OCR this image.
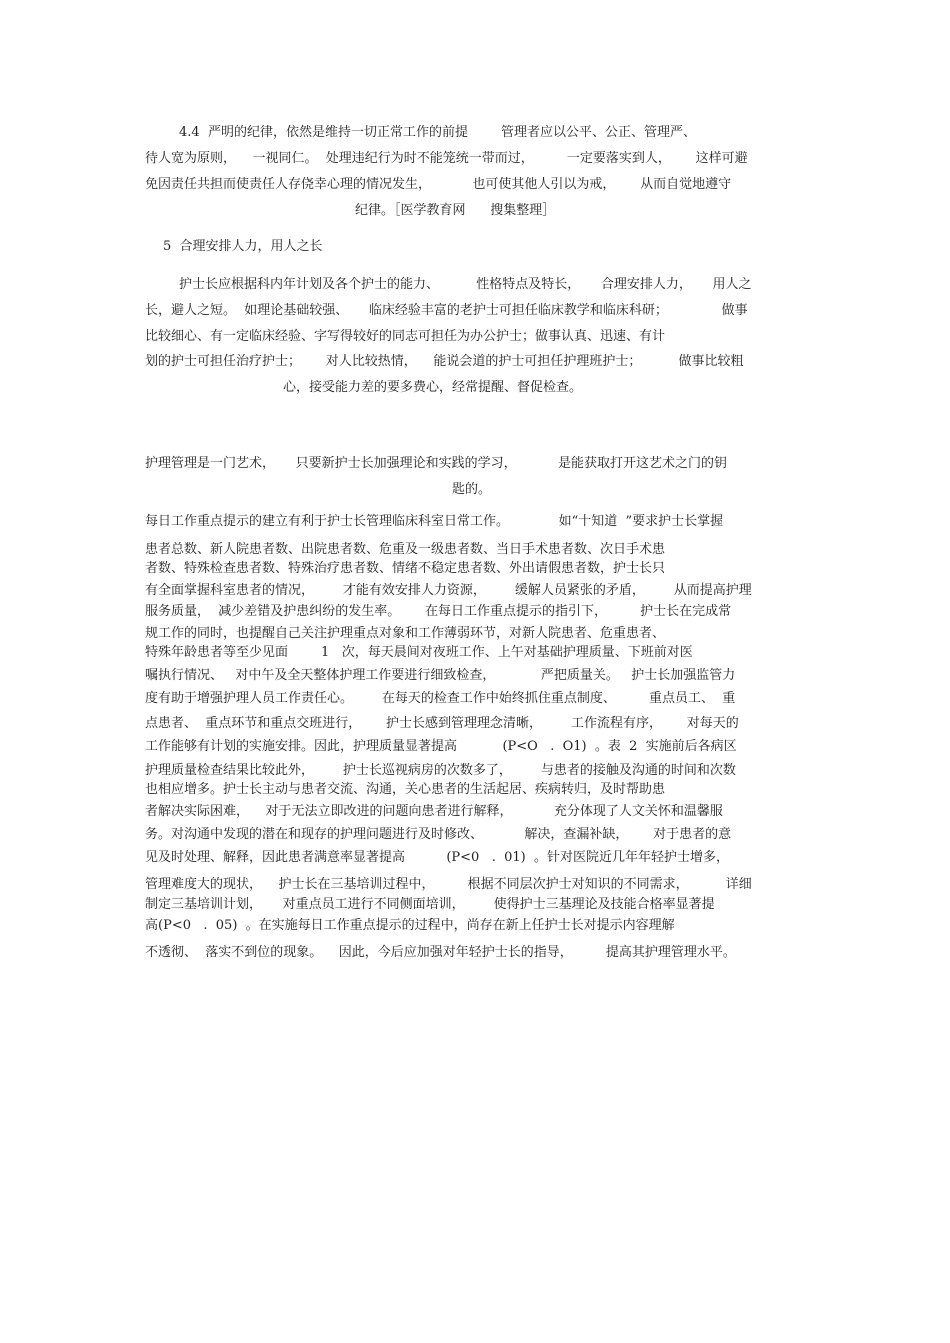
4.4  严明的纪律，依然是维持一切正常工作的前提        管理者应以公平、公正、管理严、
待人宽为原则，    一视同仁。  处理违纪行为时不能笼统一带而过，        一定要落实到人，      这样可避
免因责任共担而使责任人存侥幸心理的情况发生，          也可使其他人引以为戒，      从而自觉地遵守
纪律。［医学教育网      搜集整理］
5  合理安排人力，用人之长
护士长应根据科内年计划及各个护士的能力、         性格特点及特长，     合理安排人力，     用人之
长，避人之短。  如理论基础较强、     临床经验丰富的老护士可担任临床教学和临床科研；             做事
比较细心、有一定临床经验、字写得较好的同志可担任为办公护士；做事认真、迅速、有计
划的护士可担任治疗护士；      对人比较热情，    能说会道的护士可担任护理班护士；         做事比较粗
心，接受能力差的要多费心，经常提醒、督促检查。
护理管理是一门艺术，     只要新护士长加强理论和实践的学习，          是能获取打开这艺术之门的钥
匙的。
每日工作重点提示的建立有利于护士长管理临床科室日常工作。            如“十知道  ”要求护士长掌握
患者总数、新人院患者数、出院患者数、危重及一级患者数、当日手术患者数、次日手术患
者数、特殊检查患者数、特殊治疗患者数、情绪不稳定患者数、外出请假患者数，护士长只
有全面掌握科室患者的情况，       才能有效安排人力资源，       缓解人员紧张的矛盾，       从而提高护理
服务质量，  减少差错及护患纠纷的发生率。      在每日工作重点提示的指引下，        护士长在完成常
规工作的同时，也提醒自己关注护理重点对象和工作薄弱环节，对新人院患者、危重患者、
特殊年龄患者等至少见面        1   次，每天晨间对夜班工作、上午对基础护理质量、下班前对医
嘱执行情况、   对中午及全天整体护理工作要进行细致检查，           严把质量关。   护士长加强监管力
度有助于增强护理人员工作责任心。       在每天的检查工作中始终抓住重点制度、        重点员工、  重
点患者、  重点环节和重点交班进行，      护士长感到管理理念清晰，       工作流程有序，      对每天的
工作能够有计划的实施安排。因此，护理质量显著提高           (P<O   .  O1)  。表  2  实施前后各病区
护理质量检查结果比较此外，       护士长巡视病房的次数多了，       与患者的接触及沟通的时间和次数
也相应增多。护士长主动与患者交流、沟通，关心患者的生活起居、疾病转归，及时帮助患
者解决实际困难，    对于无法立即改进的问题向患者进行解释，          充分体现了人文关怀和温馨服
务。对沟通中发现的潜在和现存的护理问题进行及时修改、          解决，查漏补缺，      对于患者的意
见及时处理、解释，因此患者满意率显著提高          (P<0   .  01)  。针对医院近几年年轻护士增多，
管理难度大的现状，    护士长在三基培训过程中，        根据不同层次护士对知识的不同需求，         详细
制定三基培训计划，     对重点员工进行不同侧面培训，       使得护士三基理论及技能合格率显著提
高(P<0   .  05)  。在实施每日工作重点提示的过程中，尚存在新上任护士长对提示内容理解
不透彻、  落实不到位的现象。    因此，今后应加强对年轻护士长的指导，        提高其护理管理水平。
